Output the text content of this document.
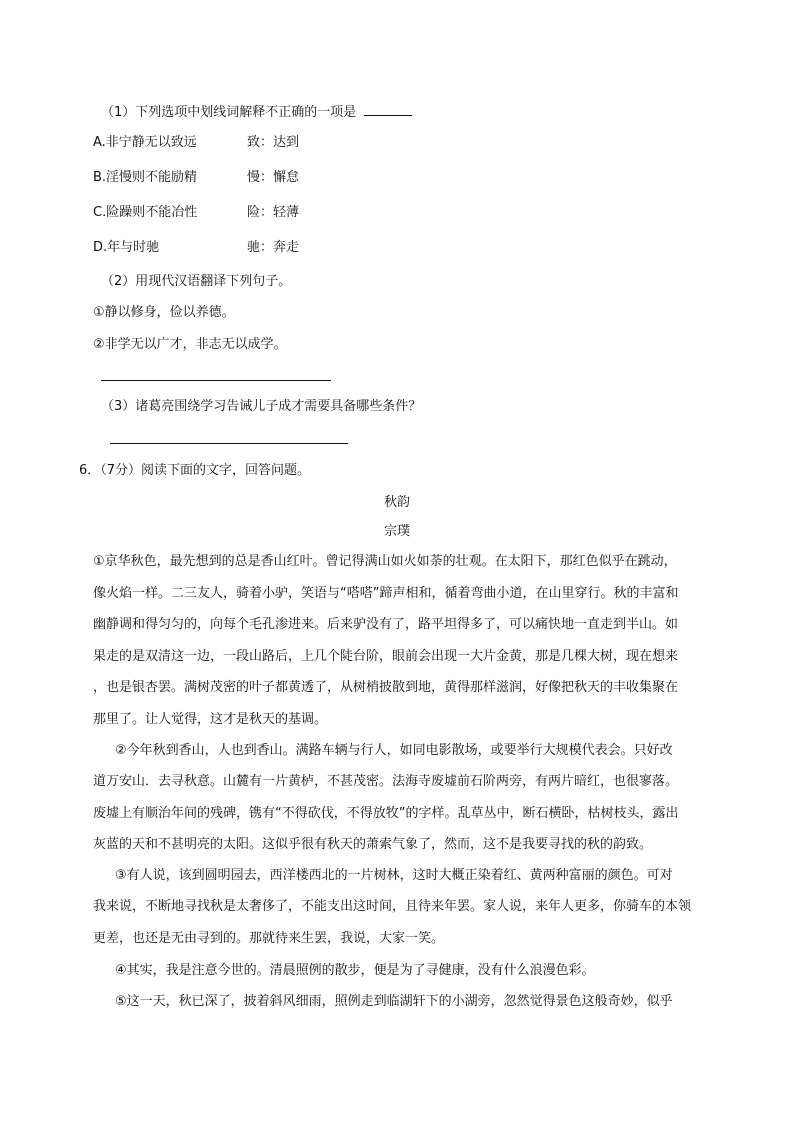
（1）下列选项中划线词解释不正确的一项是
A.非宁静无以致远	致：达到
B.淫慢则不能励精	慢：懈怠
C.险躁则不能冶性	险：轻薄
D.年与时驰	驰：奔走
（2）用现代汉语翻译下列句子。
①静以修身，俭以养德。
②非学无以广才，非志无以成学。
（3）诸葛亮围绕学习告诫儿子成才需要具备哪些条件？
6．（7分）阅读下面的文字，回答问题。
秋韵
宗璞
①京华秋色，最先想到的总是香山红叶。曾记得满山如火如荼的壮观。在太阳下，那红色似乎在跳动，
像火焰一样。二三友人，骑着小驴，笑语与“嗒嗒”蹄声相和，循着弯曲小道，在山里穿行。秋的丰富和
幽静调和得匀匀的，向每个毛孔渗进来。后来驴没有了，路平坦得多了，可以痛快地一直走到半山。如
果走的是双清这一边，一段山路后，上几个陡台阶，眼前会出现一大片金黄，那是几棵大树，现在想来
，也是银杏罢。满树茂密的叶子都黄透了，从树梢披散到地，黄得那样滋润，好像把秋天的丰收集聚在
那里了。让人觉得，这才是秋天的基调。
②今年秋到香山，人也到香山。满路车辆与行人，如同电影散场，或要举行大规模代表会。只好改
道万安山．去寻秋意。山麓有一片黄栌，不甚茂密。法海寺废墟前石阶两旁，有两片暗红，也很寥落。
废墟上有顺治年间的残碑，镌有“不得砍伐，不得放牧”的字样。乱草丛中，断石横卧，枯树枝头，露出
灰蓝的天和不甚明亮的太阳。这似乎很有秋天的萧索气象了，然而，这不是我要寻找的秋的韵致。
③有人说，该到圆明园去，西洋楼西北的一片树林，这时大概正染着红、黄两种富丽的颜色。可对
我来说，不断地寻找秋是太奢侈了，不能支出这时间，且待来年罢。家人说，来年人更多，你骑车的本领
更差，也还是无由寻到的。那就待来生罢，我说，大家一笑。
④其实，我是注意今世的。清晨照例的散步，便是为了寻健康，没有什么浪漫色彩。
⑤这一天，秋已深了，披着斜风细雨，照例走到临湖轩下的小湖旁，忽然觉得景色这般奇妙，似乎
